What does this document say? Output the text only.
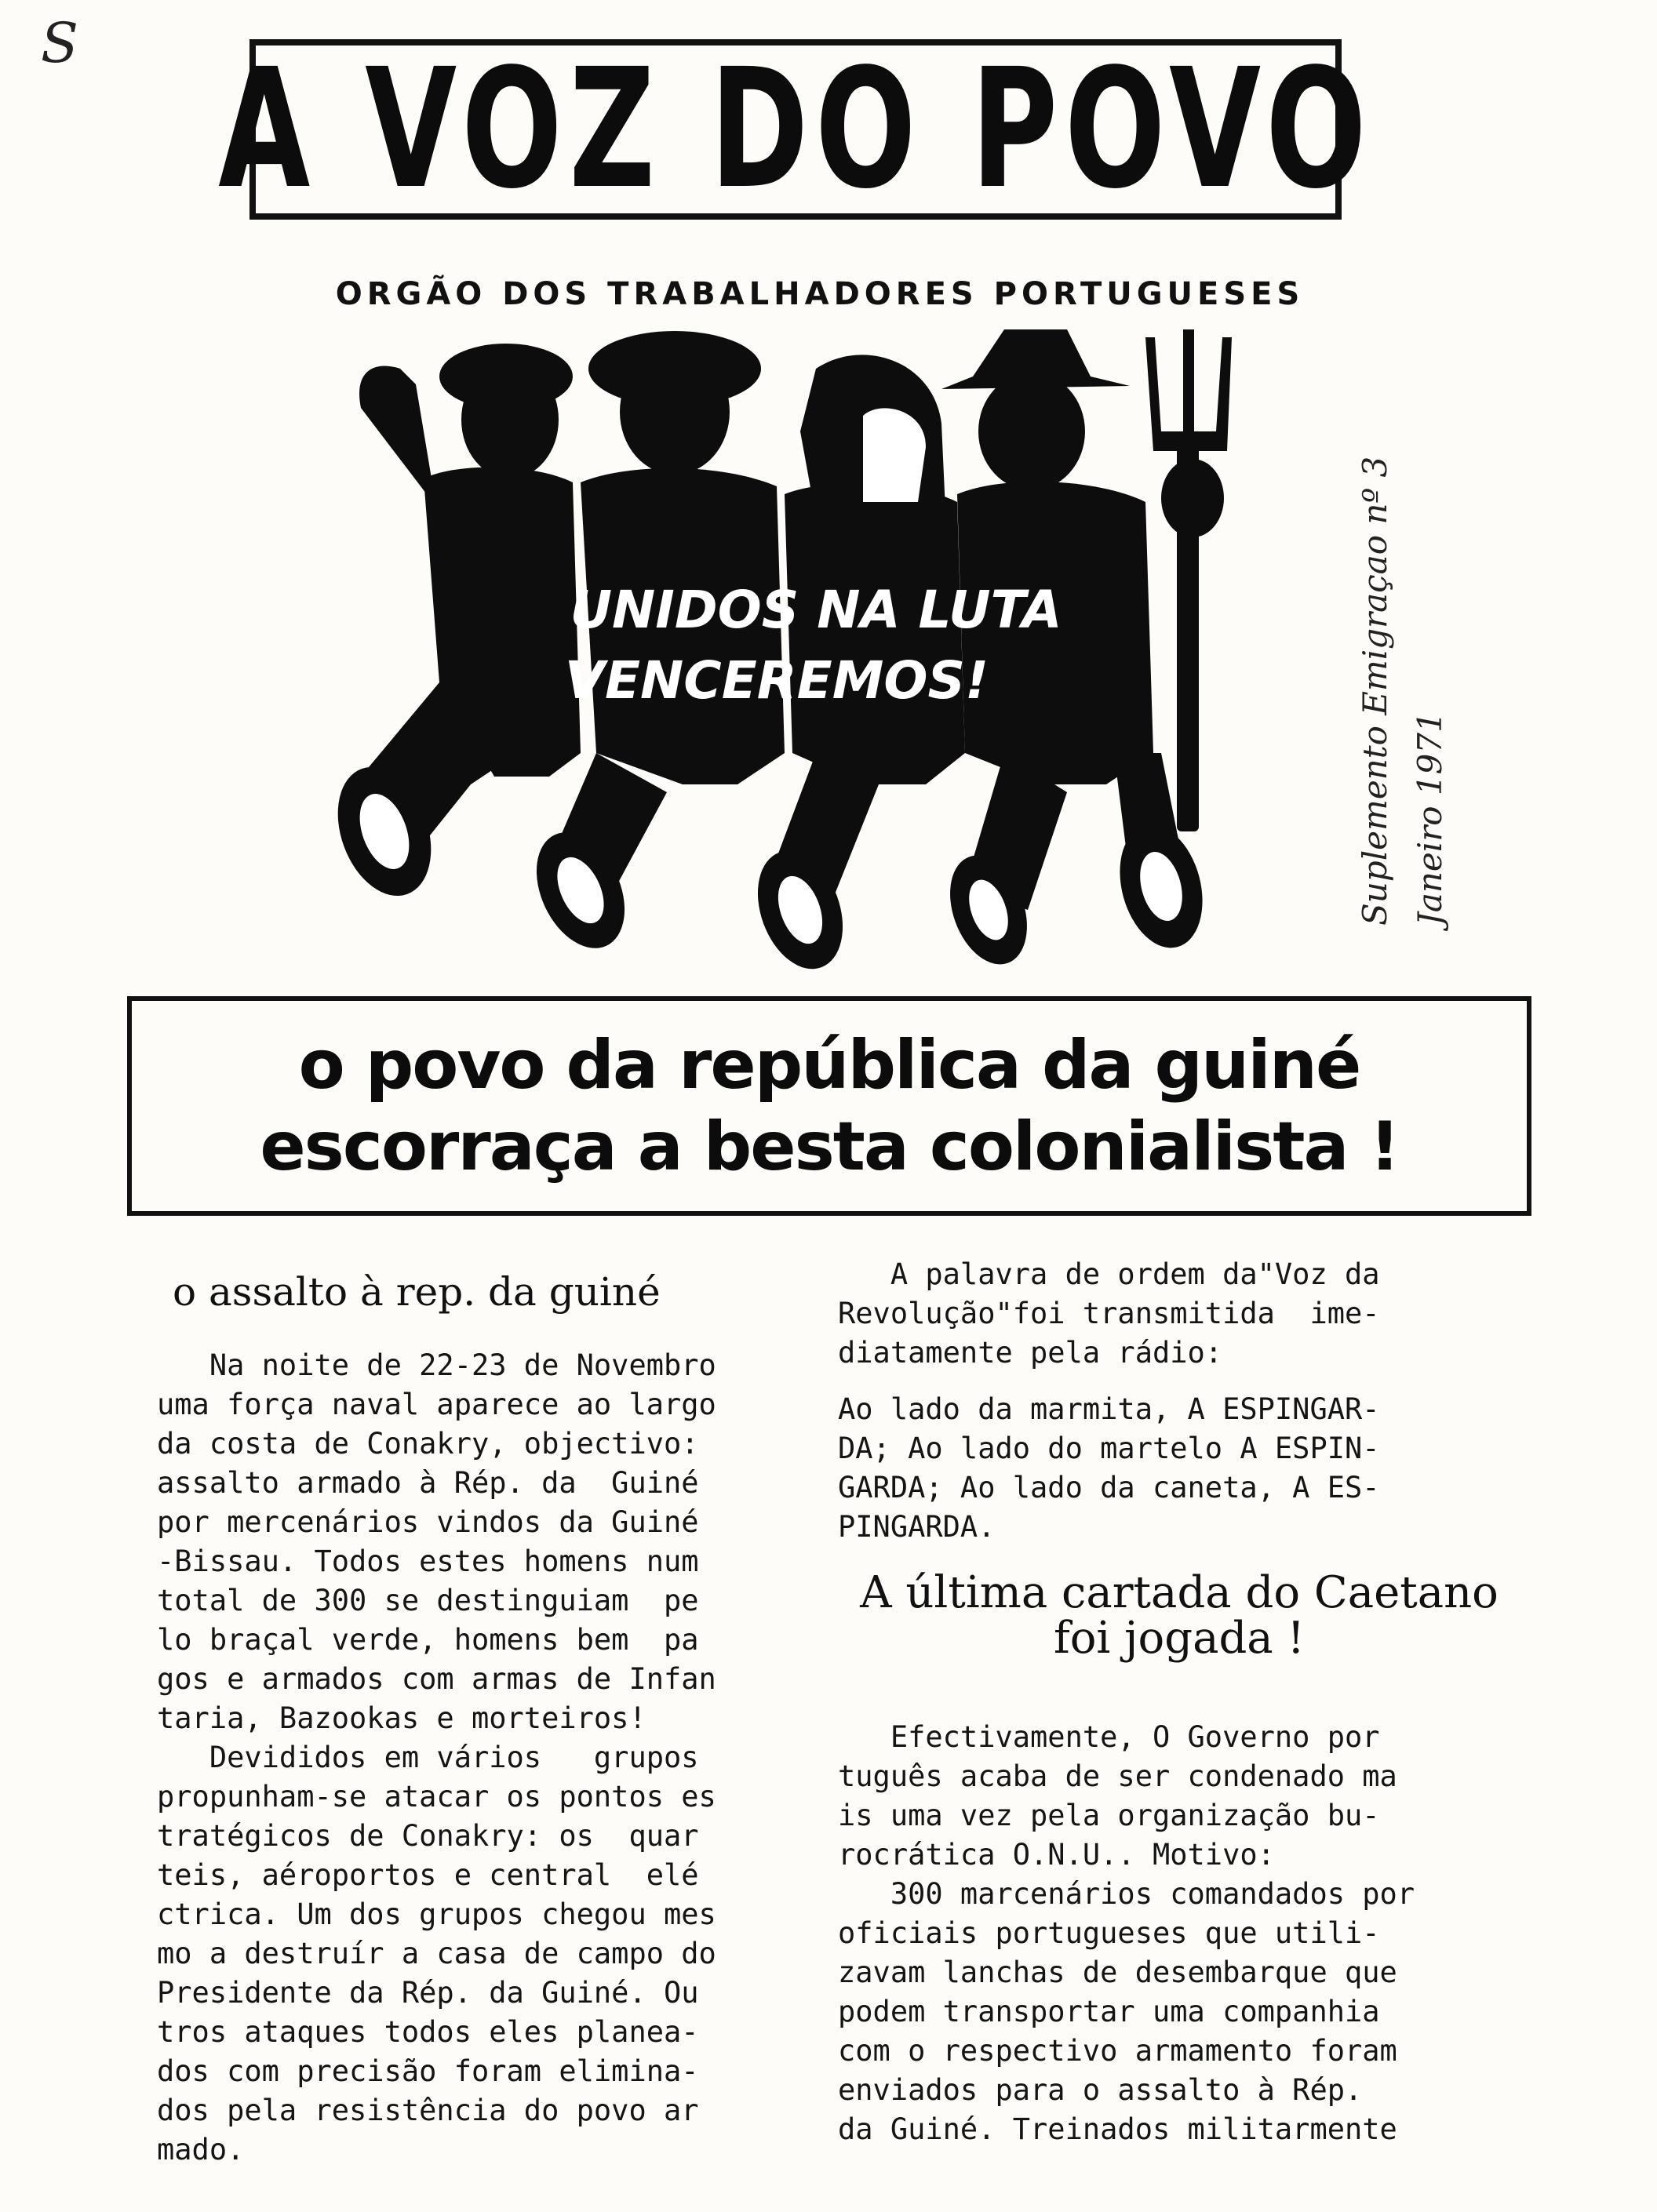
S A VOZ DO POVO
ORGÃO DOS TRABALHADORES PORTUGUESES
UNIDOS NA LUTA
VENCEREMOS!	Suplemento Emigraçao nº 3 Janeiro 1971
o povo da república da guiné
escorraça a besta colonialista !
o assalto à rep. da guiné

Na noite de 22-23 de Novembro
uma força naval aparece ao largo
da costa de Conakry, objectivo:
assalto armado à Rép. da  Guiné
por mercenários vindos da Guiné
-Bissau. Todos estes homens num
total de 300 se destinguiam  pe
lo braçal verde, homens bem  pa
gos e armados com armas de Infan
taria, Bazookas e morteiros!

Devididos em vários   grupos
propunham-se atacar os pontos es
tratégicos de Conakry: os  quar
teis, aéroportos e central  elé
ctrica. Um dos grupos chegou mes
mo a destruír a casa de campo do
Presidente da Rép. da Guiné. Ou
tros ataques todos eles planea-
dos com precisão foram elimina-
dos pela resistência do povo ar
mado.

A palavra de ordem da"Voz da
Revolução"foi transmitida  ime-
diatamente pela rádio:

Ao lado da marmita, A ESPINGAR-
DA; Ao lado do martelo A ESPIN-
GARDA; Ao lado da caneta, A ES-
PINGARDA.

A última cartada do Caetano
foi jogada !

Efectivamente, O Governo por
tuguês acaba de ser condenado ma
is uma vez pela organização bu-
rocrática O.N.U.. Motivo:
300 marcenários comandados por
oficiais portugueses que utili-
zavam lanchas de desembarque que
podem transportar uma companhia
com o respectivo armamento foram
enviados para o assalto à Rép.
da Guiné. Treinados militarmente
